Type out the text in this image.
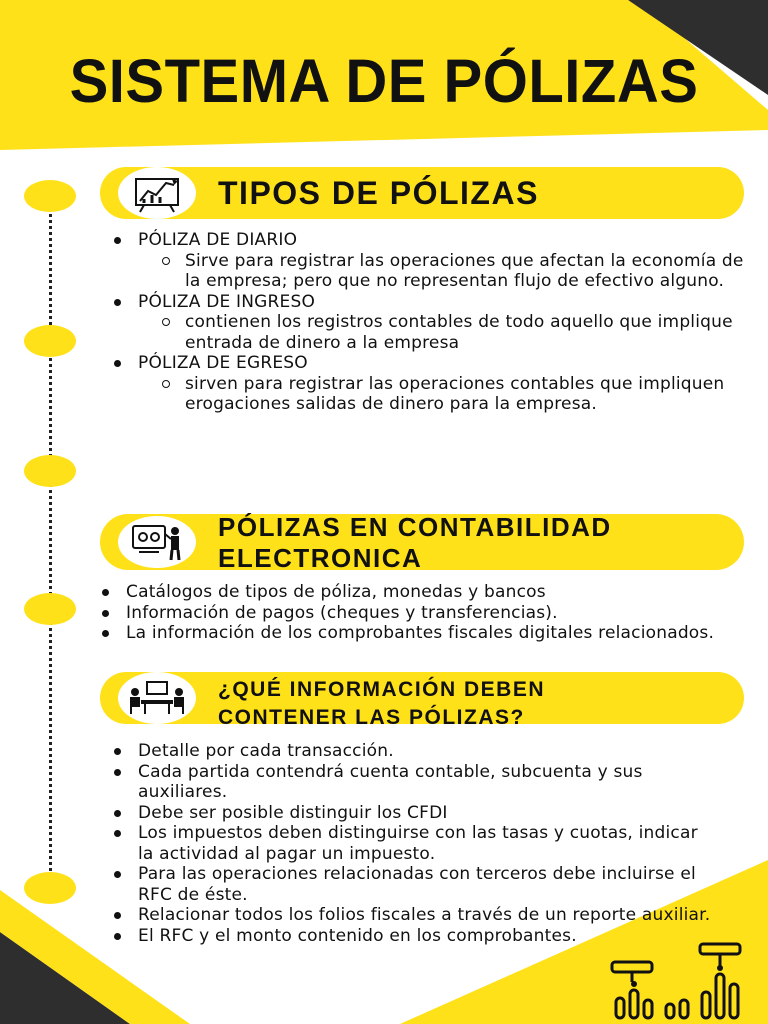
SISTEMA DE PÓLIZAS
TIPOS DE PÓLIZAS
PÓLIZA DE DIARIO
Sirve para registrar las operaciones que afectan la economía de la empresa; pero que no representan flujo de efectivo alguno.
PÓLIZA DE INGRESO
contienen los registros contables de todo aquello que implique entrada de dinero a la empresa
PÓLIZA DE EGRESO
sirven para registrar las operaciones contables que impliquen erogaciones salidas de dinero para la empresa.
PÓLIZAS EN CONTABILIDAD
ELECTRONICA
Catálogos de tipos de póliza, monedas y bancos
Información de pagos (cheques y transferencias).
La información de los comprobantes fiscales digitales relacionados.
¿QUÉ INFORMACIÓN DEBEN
CONTENER LAS PÓLIZAS?
Detalle por cada transacción.
Cada partida contendrá cuenta contable, subcuenta y sus auxiliares.
Debe ser posible distinguir los CFDI
Los impuestos deben distinguirse con las tasas y cuotas, indicar la actividad al pagar un impuesto.
Para las operaciones relacionadas con terceros debe incluirse el RFC de éste.
Relacionar todos los folios fiscales a través de un reporte auxiliar.
El RFC y el monto contenido en los comprobantes.
